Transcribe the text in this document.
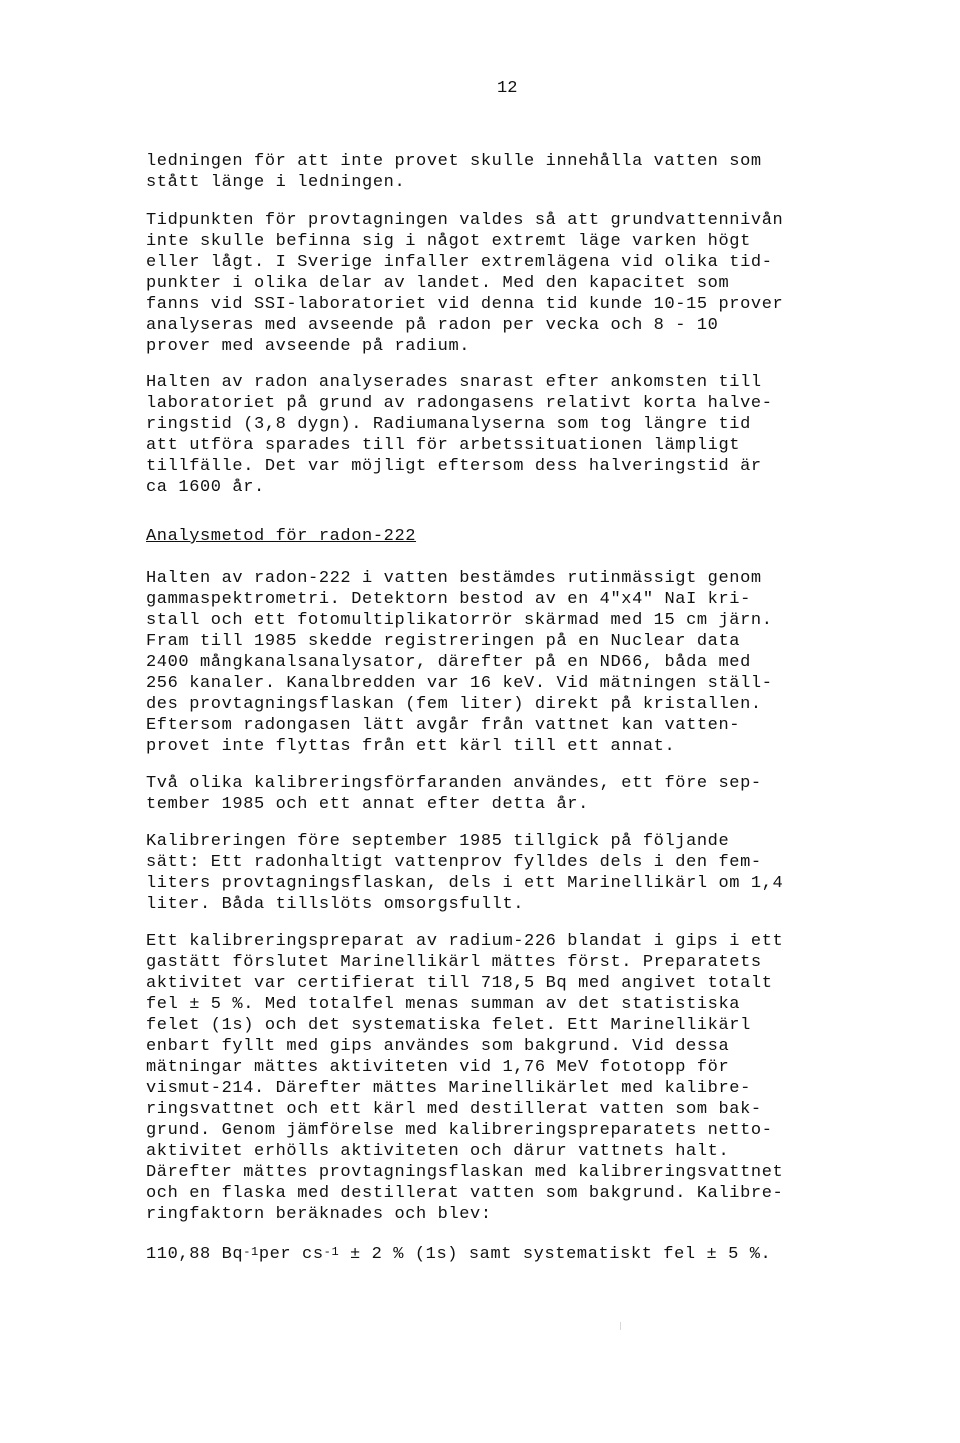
12
ledningen för att inte provet skulle innehålla vatten som
stått länge i ledningen.
Tidpunkten för provtagningen valdes så att grundvattennivån
inte skulle befinna sig i något extremt läge varken högt
eller lågt. I Sverige infaller extremlägena vid olika tid-
punkter i olika delar av landet. Med den kapacitet som
fanns vid SSI-laboratoriet vid denna tid kunde 10-15 prover
analyseras med avseende på radon per vecka och 8 - 10
prover med avseende på radium.
Halten av radon analyserades snarast efter ankomsten till
laboratoriet på grund av radongasens relativt korta halve-
ringstid (3,8 dygn). Radiumanalyserna som tog längre tid
att utföra sparades till för arbetssituationen lämpligt
tillfälle. Det var möjligt eftersom dess halveringstid är
ca 1600 år.
Analysmetod för radon-222
Halten av radon-222 i vatten bestämdes rutinmässigt genom
gammaspektrometri. Detektorn bestod av en 4"x4" NaI kri-
stall och ett fotomultiplikatorrör skärmad med 15 cm järn.
Fram till 1985 skedde registreringen på en Nuclear data
2400 mångkanalsanalysator, därefter på en ND66, båda med
256 kanaler. Kanalbredden var 16 keV. Vid mätningen ställ-
des provtagningsflaskan (fem liter) direkt på kristallen.
Eftersom radongasen lätt avgår från vattnet kan vatten-
provet inte flyttas från ett kärl till ett annat.
Två olika kalibreringsförfaranden användes, ett före sep-
tember 1985 och ett annat efter detta år.
Kalibreringen före september 1985 tillgick på följande
sätt: Ett radonhaltigt vattenprov fylldes dels i den fem-
liters provtagningsflaskan, dels i ett Marinellikärl om 1,4
liter. Båda tillslöts omsorgsfullt.
Ett kalibreringspreparat av radium-226 blandat i gips i ett
gastätt förslutet Marinellikärl mättes först. Preparatets
aktivitet var certifierat till 718,5 Bq med angivet totalt
fel ± 5 %. Med totalfel menas summan av det statistiska
felet (1s) och det systematiska felet. Ett Marinellikärl
enbart fyllt med gips användes som bakgrund. Vid dessa
mätningar mättes aktiviteten vid 1,76 MeV fototopp för
vismut-214. Därefter mättes Marinellikärlet med kalibre-
ringsvattnet och ett kärl med destillerat vatten som bak-
grund. Genom jämförelse med kalibreringspreparatets netto-
aktivitet erhölls aktiviteten och därur vattnets halt.
Därefter mättes provtagningsflaskan med kalibreringsvattnet
och en flaska med destillerat vatten som bakgrund. Kalibre-
ringfaktorn beräknades och blev:
110,88 $Bq^{-1}per$ $cs^{-1} \pm 2$ % (1s) samt systematiskt fel ± 5 %.
